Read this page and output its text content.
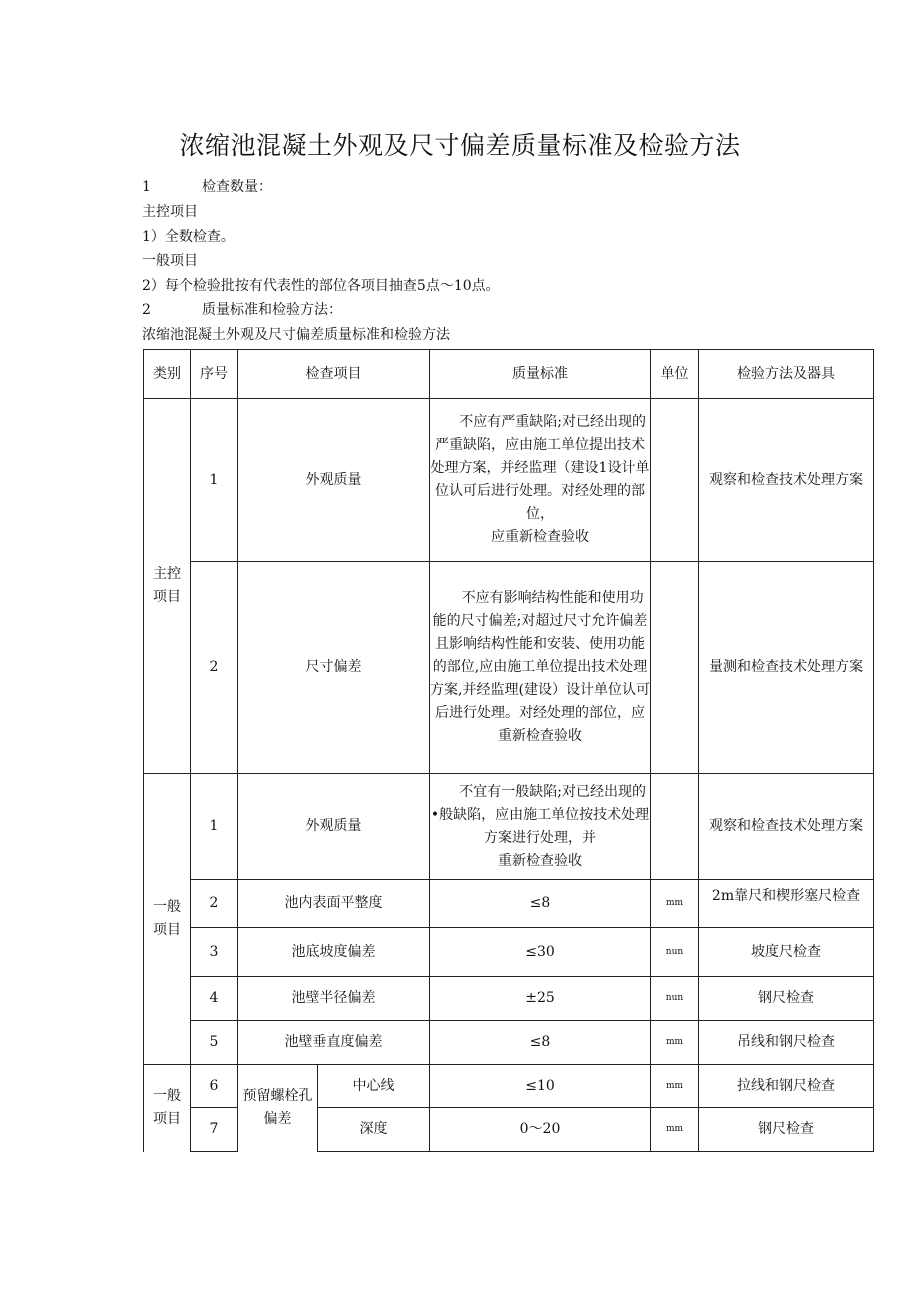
浓缩池混凝土外观及尺寸偏差质量标准及检验方法
1	检查数量：
主控项目
1）全数检查。
一般项目
2）每个检验批按有代表性的部位各项目抽查5点～10点。
2	质量标准和检验方法：
浓缩池混凝土外观及尺寸偏差质量标准和检验方法
类别	序号	检查项目		质量标准	单位	检验方法及器具
主控
项目	1	外观质量		不应有严重缺陷;对已经出现的严重缺陷，应由施工单位提出技术处理方案，并经监理（建设1设计单位认可后进行处理。对经处理的部位，
应重新检查验收		观察和检查技术处理方案
	2	尺寸偏差		不应有影响结构性能和使用功能的尺寸偏差;对超过尺寸允许偏差且影响结构性能和安装、使用功能的部位,应由施工单位提出技术处理方案,并经监理(建设）设计单位认可后进行处理。对经处理的部位，应重新检查验收		量测和检查技术处理方案
一般
项目	1	外观质量		不宜有一般缺陷;对已经出现的•般缺陷，应由施工单位按技术处理方案进行处理，并
重新检查验收		观察和检查技术处理方案
	2	池内表面平整度		≤8	mm	2m靠尺和楔形塞尺检查
	3	池底坡度偏差		≤30	nun	坡度尺检查
	4	池壁半径偏差		±25	nun	钢尺检查
	5	池壁垂直度偏差		≤8	mm	吊线和钢尺检查
一般
项目	6	预留螺栓孔
偏差	中心线	≤10	mm	拉线和钢尺检查
	7		深度	0～20	mm	钢尺检查
